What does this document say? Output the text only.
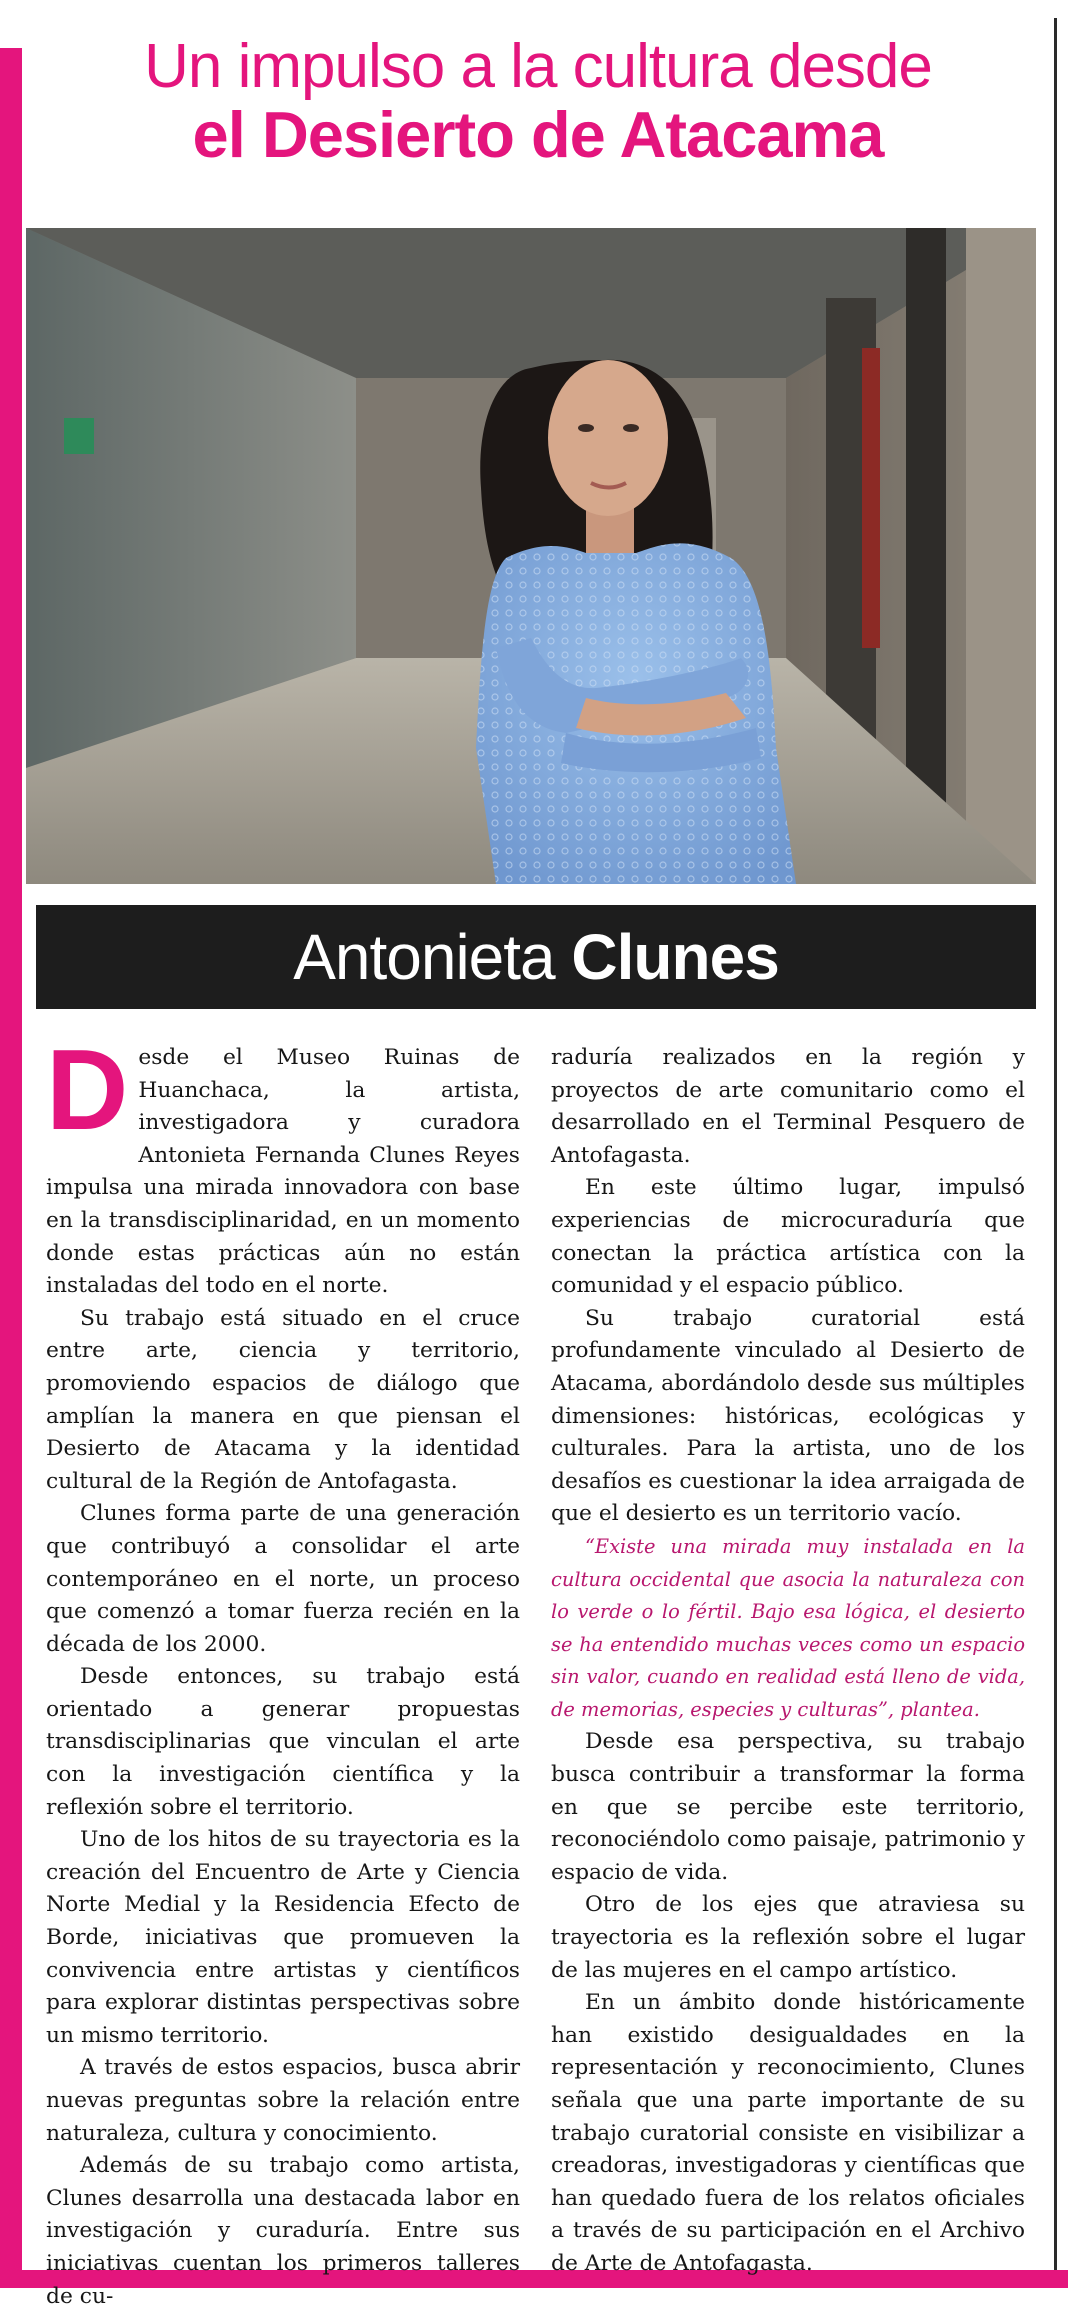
Un impulso a la cultura desde
el Desierto de Atacama
Antonieta Clunes

Desde el Museo Ruinas de Huanchaca, la artista, investigadora y curadora Antonieta Fernanda Clunes Reyes impulsa una mirada innovadora con base en la transdisciplinaridad, en un momento donde estas prácticas aún no están instaladas del todo en el norte.

Su trabajo está situado en el cruce entre arte, ciencia y territorio, promoviendo espacios de diálogo que amplían la manera en que piensan el Desierto de Atacama y la identidad cultural de la Región de Antofagasta.

Clunes forma parte de una generación que contribuyó a consolidar el arte contemporáneo en el norte, un proceso que comenzó a tomar fuerza recién en la década de los 2000.

Desde entonces, su trabajo está orientado a generar propuestas transdisciplinarias que vinculan el arte con la investigación científica y la reflexión sobre el territorio.

Uno de los hitos de su trayectoria es la creación del Encuentro de Arte y Ciencia Norte Medial y la Residencia Efecto de Borde, iniciativas que promueven la convivencia entre artistas y científicos para explorar distintas perspectivas sobre un mismo territorio.

A través de estos espacios, busca abrir nuevas preguntas sobre la relación entre naturaleza, cultura y conocimiento.

Además de su trabajo como artista, Clunes desarrolla una destacada labor en investigación y curaduría. Entre sus iniciativas cuentan los primeros talleres de cu-

raduría realizados en la región y proyectos de arte comunitario como el desarrollado en el Terminal Pesquero de Antofagasta.

En este último lugar, impulsó experiencias de microcuraduría que conectan la práctica artística con la comunidad y el espacio público.

Su trabajo curatorial está profundamente vinculado al Desierto de Atacama, abordándolo desde sus múltiples dimensiones: históricas, ecológicas y culturales. Para la artista, uno de los desafíos es cuestionar la idea arraigada de que el desierto es un territorio vacío.

“Existe una mirada muy instalada en la cultura occidental que asocia la naturaleza con lo verde o lo fértil. Bajo esa lógica, el desierto se ha entendido muchas veces como un espacio sin valor, cuando en realidad está lleno de vida, de memorias, especies y culturas”, plantea.

Desde esa perspectiva, su trabajo busca contribuir a transformar la forma en que se percibe este territorio, reconociéndolo como paisaje, patrimonio y espacio de vida.

Otro de los ejes que atraviesa su trayectoria es la reflexión sobre el lugar de las mujeres en el campo artístico.

En un ámbito donde históricamente han existido desigualdades en la representación y reconocimiento, Clunes señala que una parte importante de su trabajo curatorial consiste en visibilizar a creadoras, investigadoras y científicas que han quedado fuera de los relatos oficiales a través de su participación en el Archivo de Arte de Antofagasta.
